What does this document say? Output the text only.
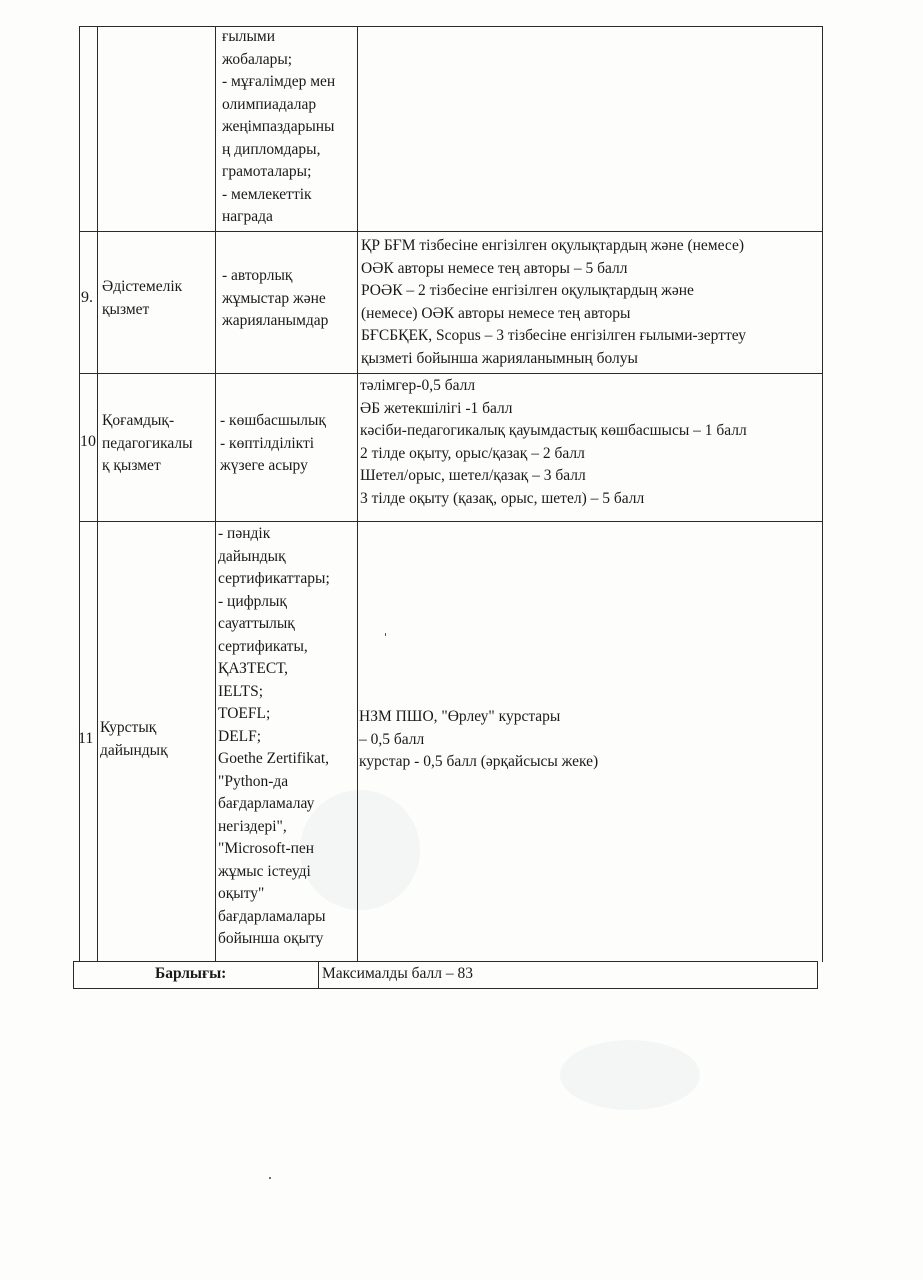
ғылыми
жобалары;
- мұғалімдер мен
олимпиадалар
жеңімпаздарыны
ң дипломдары,
грамоталары;
- мемлекеттік
награда
9.
Әдістемелік
қызмет
- авторлық
жұмыстар және
жарияланымдар
ҚР БҒМ тізбесіне енгізілген оқулықтардың және (немесе)
ОӘК авторы немесе тең авторы – 5 балл
РОӘК – 2 тізбесіне енгізілген оқулықтардың және
(немесе) ОӘК авторы немесе тең авторы
БҒСБҚЕК, Scopus – 3 тізбесіне енгізілген ғылыми-зерттеу
қызметі бойынша жарияланымның болуы
10
Қоғамдық-
педагогикалы
қ қызмет
- көшбасшылық
- көптілділікті
жүзеге асыру
тәлімгер-0,5 балл
ӘБ жетекшілігі -1 балл
кәсіби-педагогикалық қауымдастық көшбасшысы – 1 балл
2 тілде оқыту, орыс/қазақ – 2 балл
Шетел/орыс, шетел/қазақ – 3 балл
3 тілде оқыту (қазақ, орыс, шетел) – 5 балл
11
Курстық
дайындық
- пәндік
дайындық
сертификаттары;
- цифрлық
сауаттылық
сертификаты,
ҚАЗТЕСТ,
IELTS;
TOEFL;
DELF;
Goethe Zertifikat,
"Python-да
бағдарламалау
негіздері",
"Microsoft-пен
жұмыс істеуді
оқыту"
бағдарламалары
бойынша оқыту
НЗМ ПШО, "Өрлеу" курстары
– 0,5 балл
курстар - 0,5 балл (әрқайсысы жеке)
Барлығы:	Максималды балл – 83
